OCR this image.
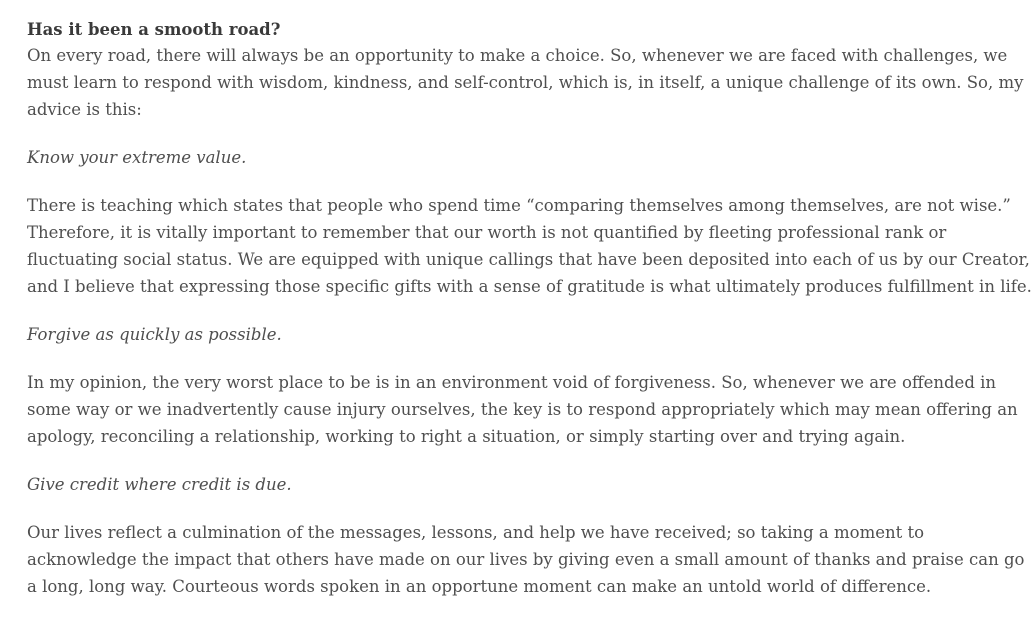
Has it been a smooth road?

On every road, there will always be an opportunity to make a choice. So, whenever we are faced with challenges, we must learn to respond with wisdom, kindness, and self-control, which is, in itself, a unique challenge of its own. So, my advice is this:

Know your extreme value.

There is teaching which states that people who spend time “comparing themselves among themselves, are not wise.” Therefore, it is vitally important to remember that our worth is not quantified by fleeting professional rank or fluctuating social status. We are equipped with unique callings that have been deposited into each of us by our Creator, and I believe that expressing those specific gifts with a sense of gratitude is what ultimately produces fulfillment in life.

Forgive as quickly as possible.

In my opinion, the very worst place to be is in an environment void of forgiveness. So, whenever we are offended in some way or we inadvertently cause injury ourselves, the key is to respond appropriately which may mean offering an apology, reconciling a relationship, working to right a situation, or simply starting over and trying again.

Give credit where credit is due.

Our lives reflect a culmination of the messages, lessons, and help we have received; so taking a moment to acknowledge the impact that others have made on our lives by giving even a small amount of thanks and praise can go a long, long way. Courteous words spoken in an opportune moment can make an untold world of difference.
